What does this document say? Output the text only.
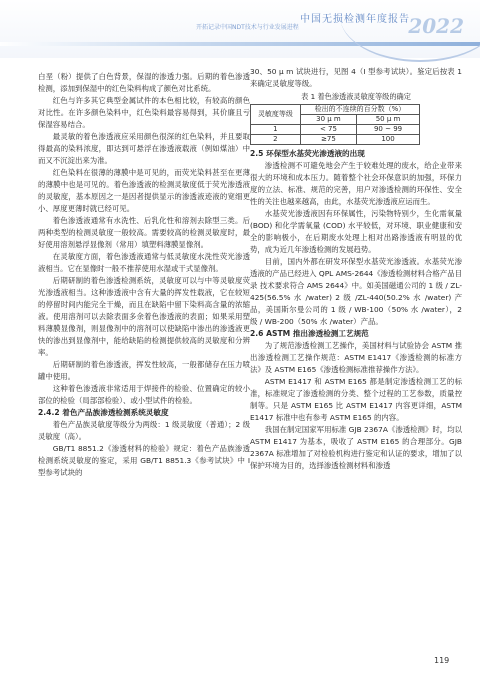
中国无损检测年度报告
2022
开拓记录中国NDT技术与行业发展进程

白垩（粉）提供了白色背景，保湿的渗透力强。后期的着色渗透检测，添加到保湿中的红色染料构成了颜色对比系统。

红色与许多其它典型金属试件的本色相比较，有较高的颜色对比性。在许多颜色染料中，红色染料最容易得到，其价廉且亏保湿容易结合。

最灵敏的着色渗透液应采用颜色很深的红色染料，并且要取得最高的染料浓度，即达到可悬浮在渗透液载液（例如煤油）中而又不沉淀出来为准。

红色染料在很薄的薄膜中是可见的，而荧光染料甚至在更薄的薄膜中也是可见的。着色渗透液的检测灵敏度低于荧光渗透液的灵敏度，基本原因之一是因者提供显示的渗透液迹液的宽细更小、厚度更薄时就已经可见。

着色渗透液通常有水洗性、后乳化性和溶剂去除型三类。后两种类型的检测灵敏度一般较高。需要较高的检测灵敏度时，最好使用溶剂悬浮显像剂（常用）填塑料薄膜显像剂。

在灵敏度方面，着色渗透液通常与低灵敏度水洗性荧光渗透液相当。它在显像时一般不推荐使用水湿或干式显像剂。

后期研制的着色渗透检测系统，灵敏度可以与中等灵敏度荧光渗透液相当。这种渗透液中含有大量的挥发性载液，它在较短的停留时间内能完全干燥，而且在缺陷中留下染料高含量的浓缩液。使用溶剂可以去除表面多余着色渗透液的表面；如果采用塑料薄膜显像剂，则显像剂中的溶剂可以使缺陷中渗出的渗透液更快的渗出到显像剂中，能给缺陷的检测提供较高的灵敏度和分辨率。

后期研制的着色渗透液，挥发性较高，一般都储存在压力喷罐中使用。

这种着色渗透液非常适用于焊接件的检验、位置确定的较小部位的检验（局部部检验）、或小型试件的检验。

2.4.2 着色产品族渗透检测系统灵敏度

着色产品族灵敏度等级分为两级：1 级灵敏度（普通）；2 级灵敏度（高）。

GB/T1 8851.2《渗透材料的检验》规定：着色产品族渗透检测系统灵敏度的鉴定，采用 GB/T1 8851.3《参考试块》中 I 型参考试块的

30、50 μ m 试块进行，见图 4（I 型参考试块）。鉴定后按表 1 来确定灵敏度等级。

表 1 着色渗透液灵敏度等级的确定
灵敏度等级	检出的不连续的百分数（%）	
	30 μ m	50 μ m
1	< 75	90 ~ 99
2	≥75	100
2.5 环保型水基荧光渗透液的出现

渗透检测不可避免地会产生于较难处理的废水，给企业带来很大的环境和成本压力。随着整个社会环保意识的加强，环保力度的立法、标准、规范的完善，用户对渗透检测的环保性、安全性的关注也越来越高，由此，水基荧光渗透液应运而生。

水基荧光渗透液因有环保属性，污染物特别少，生化需氧量 (BOD) 和化学需氧量 (COD) 水平较低，对环境、职业健康和安全的影响极小，在后期废水处理上相对出路渗透液有明显的优势，成为近几年渗透检测的发展趋势。

目前，国内外都在研发环保型水基荧光渗透液。水基荧光渗透液的产品已经进入 QPL AMS-2644《渗透检测材料合格产品目录 技术要求符合 AMS 2644》中。如美国磁通公司的 1 级 / ZL-425(56.5% 水 /water) 2 级 /ZL-440(50.2% 水 /water) 产品，美国斯尔曼公司的 1 级 / WB-100（50% 水 /water），2 级 / WB-200（50% 水 /water）产品。

2.6 ASTM 推出渗透检测工艺规范

为了规范渗透检测工艺操作，美国材料与试验协会 ASTM 推出渗透检测工艺操作规范：ASTM E1417《渗透检测的标准方法》及 ASTM E165《渗透检测标准推荐操作方法》。

ASTM E1417 和 ASTM E165 都是制定渗透检测工艺的标准，标准规定了渗透检测的分类、整个过程的工艺参数，质量控制等。只是 ASTM E165 比 ASTM E1417 内容更详细，ASTM E1417 标准中也有参考 ASTM E165 的内容。

我国在制定国家军用标准 GJB 2367A《渗透检测》时，均以 ASTM E1417 为基本，吸收了 ASTM E165 的合理部分。GJB 2367A 标准增加了对检验机构进行鉴定和认证的要求，增加了以保护环境为目的，选择渗透检测材料和渗透

119
